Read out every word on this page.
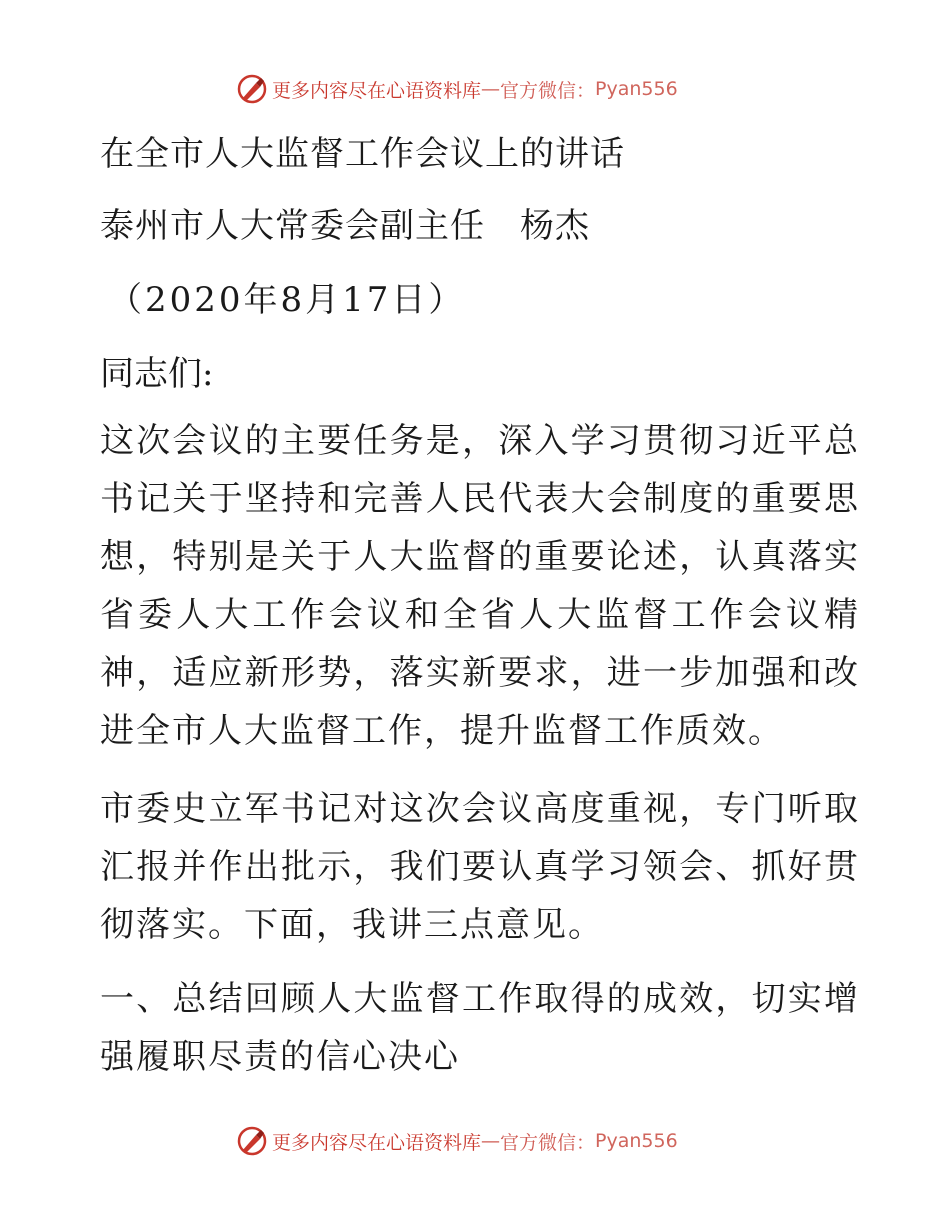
更多内容尽在心语资料库 — 官方微信： Pyan556

在全市人大监督工作会议上的讲话

泰州市人大常委会副主任　杨杰

（2020年8月17日）

同志们:

这次会议的主要任务是，深入学习贯彻习近平总书记关于坚持和完善人民代表大会制度的重要思想，特别是关于人大监督的重要论述，认真落实省委人大工作会议和全省人大监督工作会议精神，适应新形势，落实新要求，进一步加强和改进全市人大监督工作，提升监督工作质效。

市委史立军书记对这次会议高度重视，专门听取汇报并作出批示，我们要认真学习领会、抓好贯彻落实。下面，我讲三点意见。

一、总结回顾人大监督工作取得的成效，切实增强履职尽责的信心决心

更多内容尽在心语资料库 — 官方微信： Pyan556
